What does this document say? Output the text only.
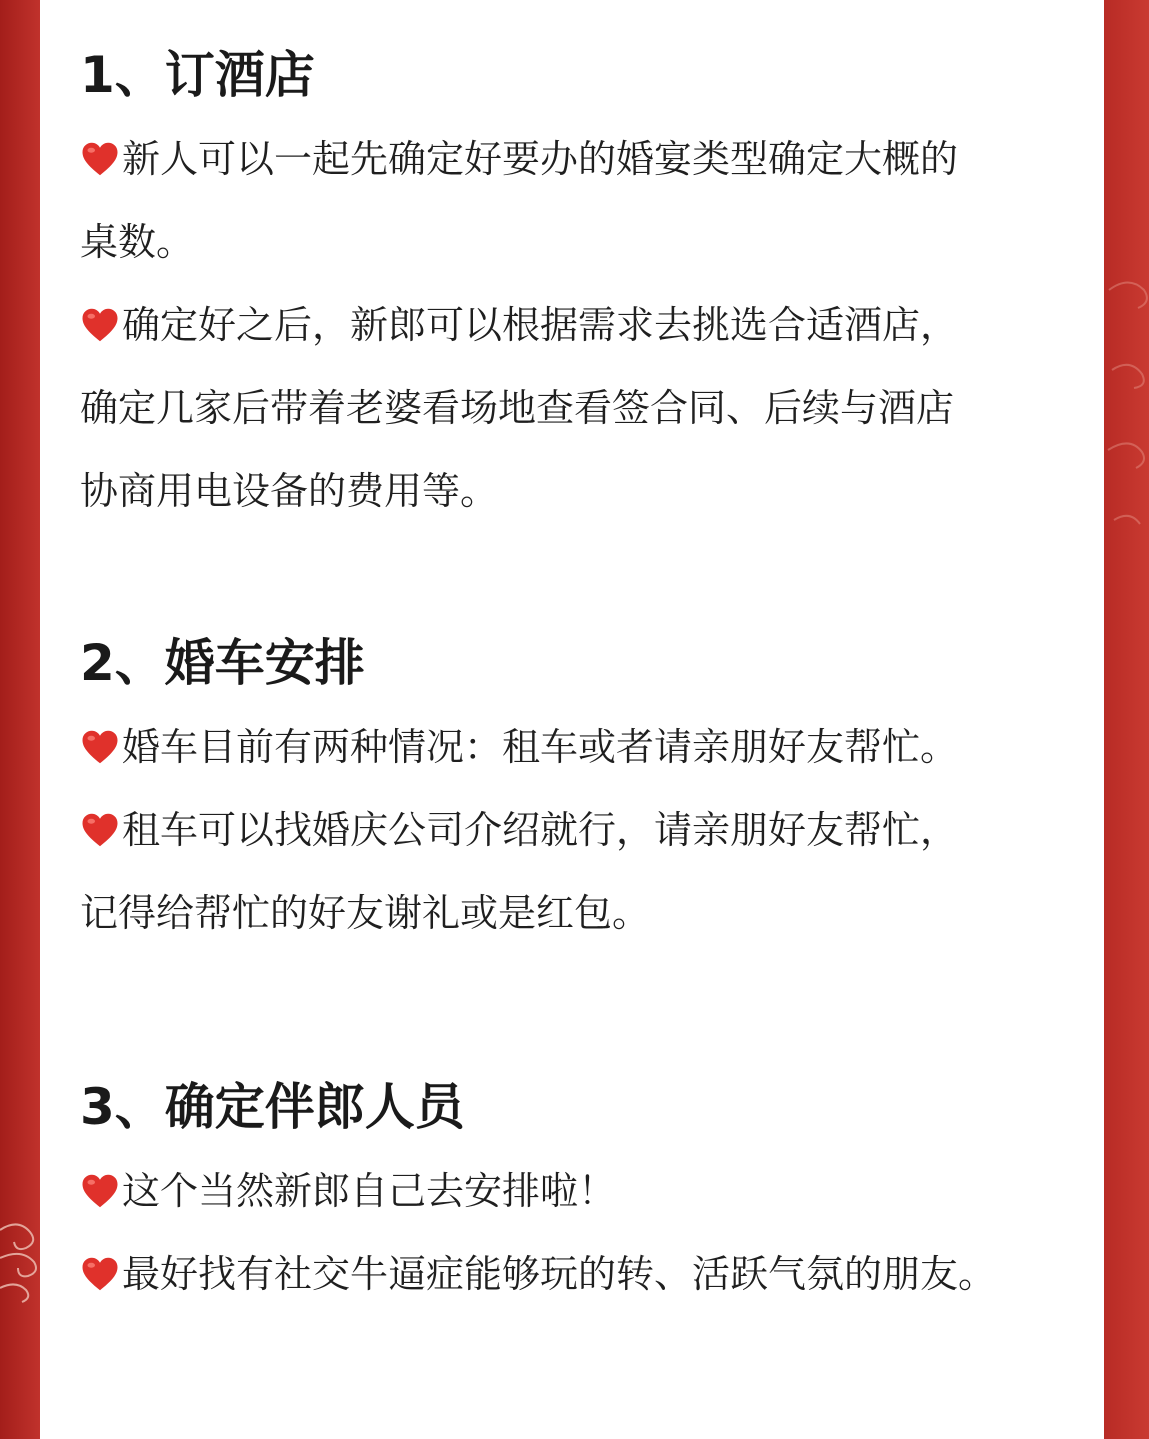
1、订酒店
新人可以一起先确定好要办的婚宴类型确定大概的
桌数。
确定好之后，新郎可以根据需求去挑选合适酒店，
确定几家后带着老婆看场地查看签合同、后续与酒店
协商用电设备的费用等。
2、婚车安排
婚车目前有两种情况：租车或者请亲朋好友帮忙。
租车可以找婚庆公司介绍就行，请亲朋好友帮忙，
记得给帮忙的好友谢礼或是红包。
3、确定伴郎人员
这个当然新郎自己去安排啦！
最好找有社交牛逼症能够玩的转、活跃气氛的朋友。
